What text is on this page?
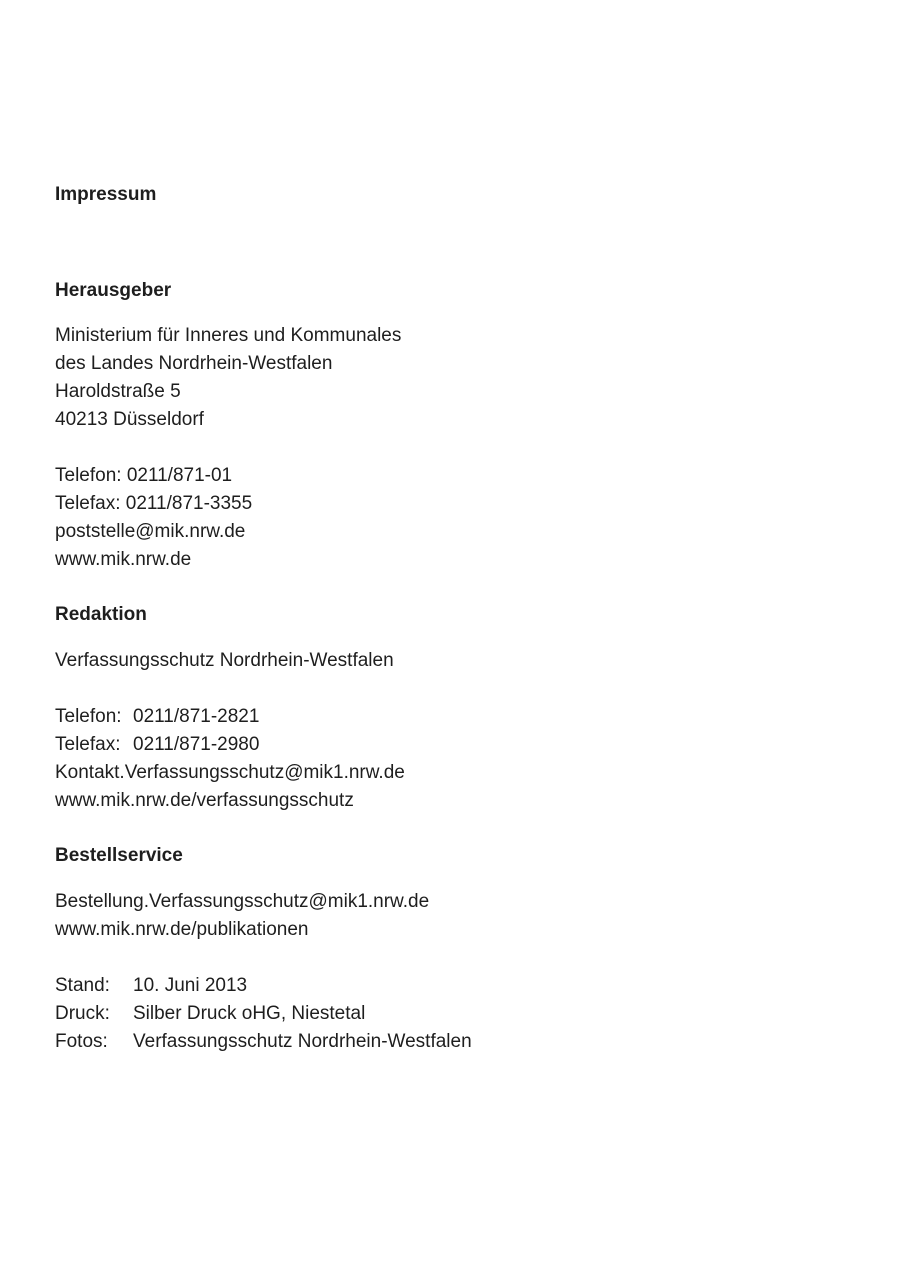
Impressum
Herausgeber
Ministerium für Inneres und Kommunales
des Landes Nordrhein-Westfalen
Haroldstraße 5
40213 Düsseldorf
Telefon: 0211/871-01
Telefax: 0211/871-3355
poststelle@mik.nrw.de
www.mik.nrw.de
Redaktion
Verfassungsschutz Nordrhein-Westfalen
Telefon: 0211/871-2821
Telefax: 0211/871-2980
Kontakt.Verfassungsschutz@mik1.nrw.de
www.mik.nrw.de/verfassungsschutz
Bestellservice
Bestellung.Verfassungsschutz@mik1.nrw.de
www.mik.nrw.de/publikationen
Stand: 10. Juni 2013
Druck: Silber Druck oHG, Niestetal
Fotos: Verfassungsschutz Nordrhein-Westfalen
